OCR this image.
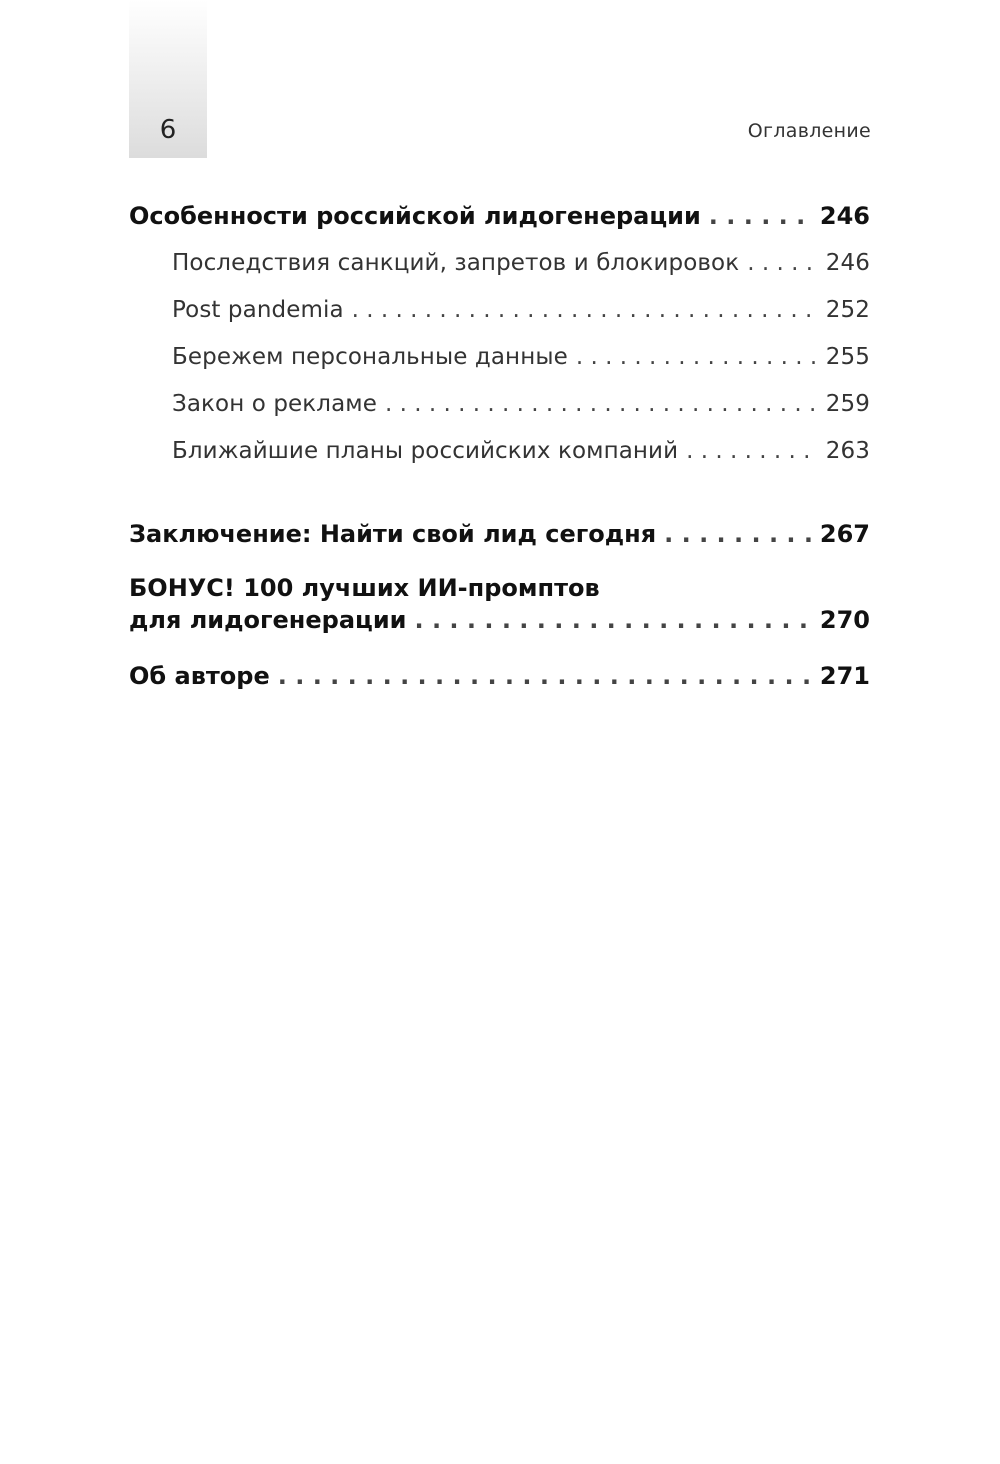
6	Оглавление
Особенности российской лидогенерации . . .	246
Последствия санкций, запретов и блокировок . . .	246
Post pandemia . . .	252
Бережем персональные данные . . .	255
Закон о рекламе . . .	259
Ближайшие планы российских компаний . . .	263
Заключение: Найти свой лид сегодня . . .	267
БОНУС! 100 лучших ИИ-промптов
для лидогенерации . . .	270
Об авторе . . .	271
